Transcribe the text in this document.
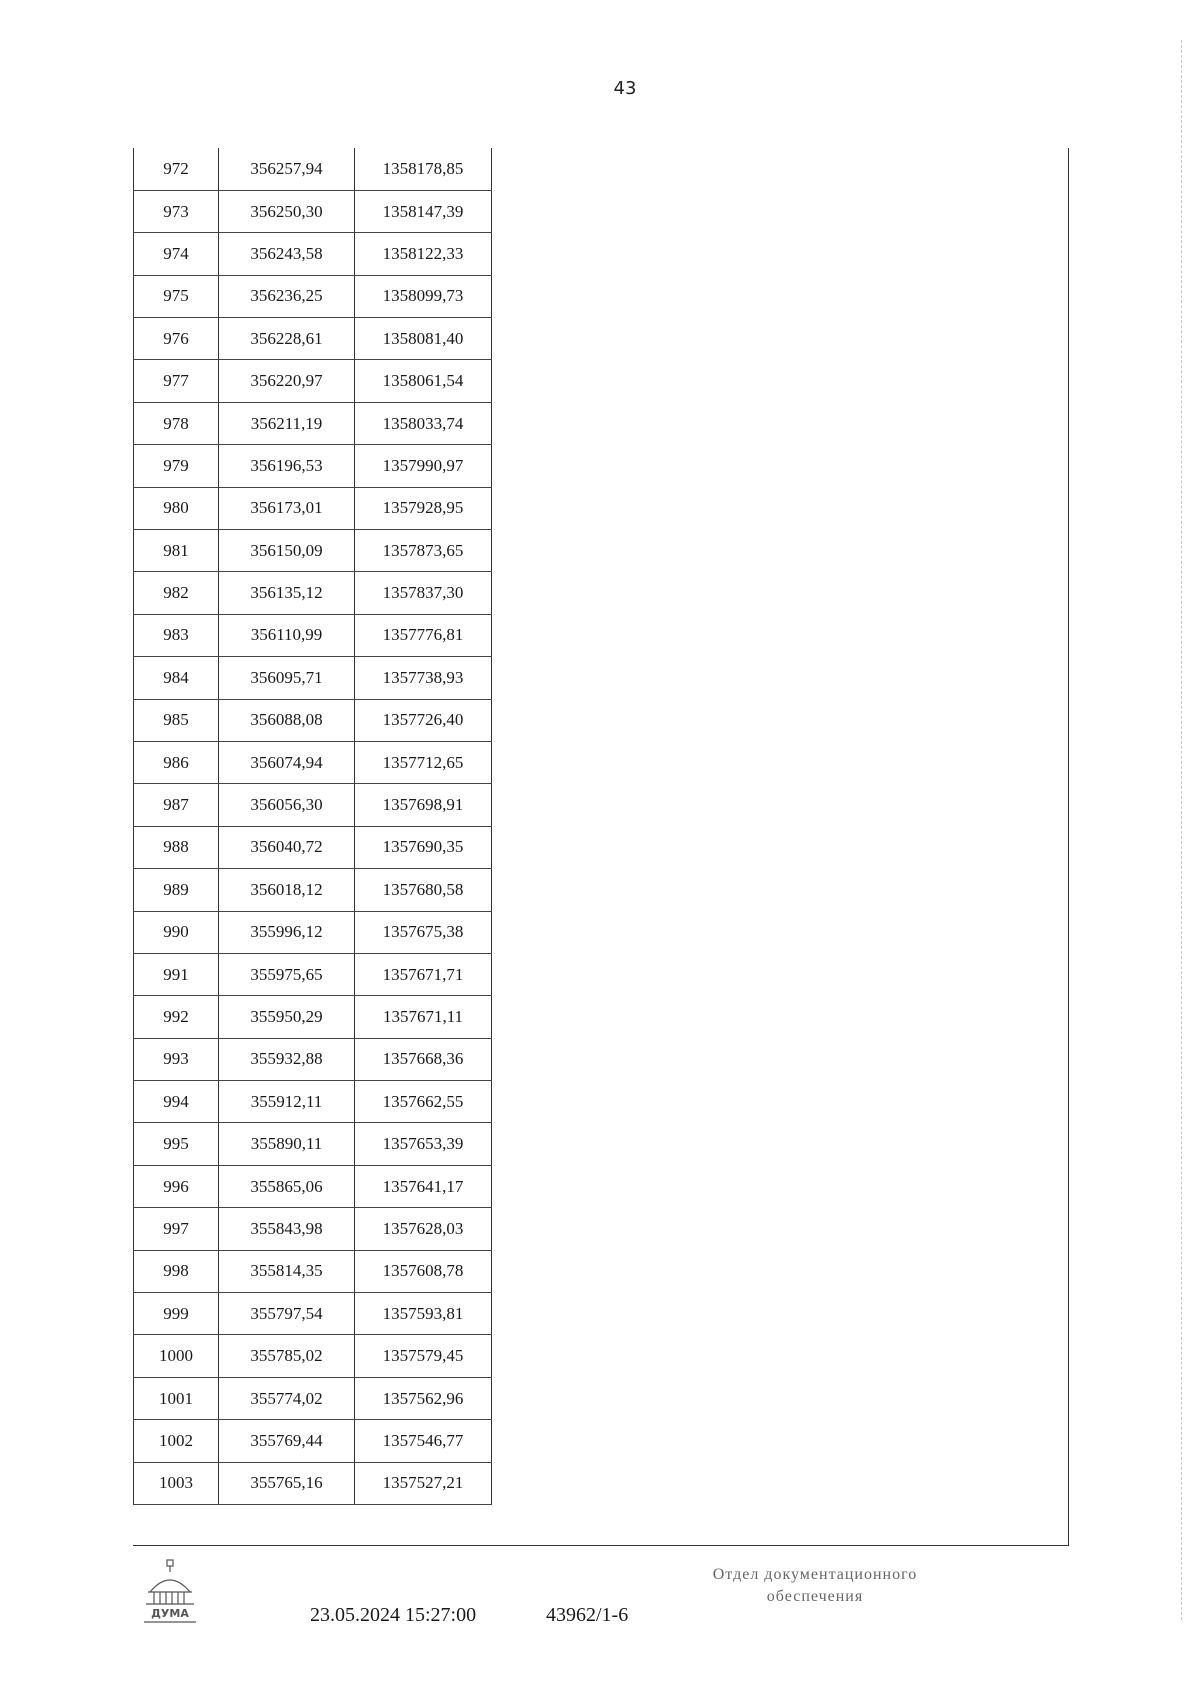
43
972	356257,94	1358178,85
973	356250,30	1358147,39
974	356243,58	1358122,33
975	356236,25	1358099,73
976	356228,61	1358081,40
977	356220,97	1358061,54
978	356211,19	1358033,74
979	356196,53	1357990,97
980	356173,01	1357928,95
981	356150,09	1357873,65
982	356135,12	1357837,30
983	356110,99	1357776,81
984	356095,71	1357738,93
985	356088,08	1357726,40
986	356074,94	1357712,65
987	356056,30	1357698,91
988	356040,72	1357690,35
989	356018,12	1357680,58
990	355996,12	1357675,38
991	355975,65	1357671,71
992	355950,29	1357671,11
993	355932,88	1357668,36
994	355912,11	1357662,55
995	355890,11	1357653,39
996	355865,06	1357641,17
997	355843,98	1357628,03
998	355814,35	1357608,78
999	355797,54	1357593,81
1000	355785,02	1357579,45
1001	355774,02	1357562,96
1002	355769,44	1357546,77
1003	355765,16	1357527,21
ДУМА	23.05.2024 15:27:00	43962/1-6
Отдел документационного
обеспечения
